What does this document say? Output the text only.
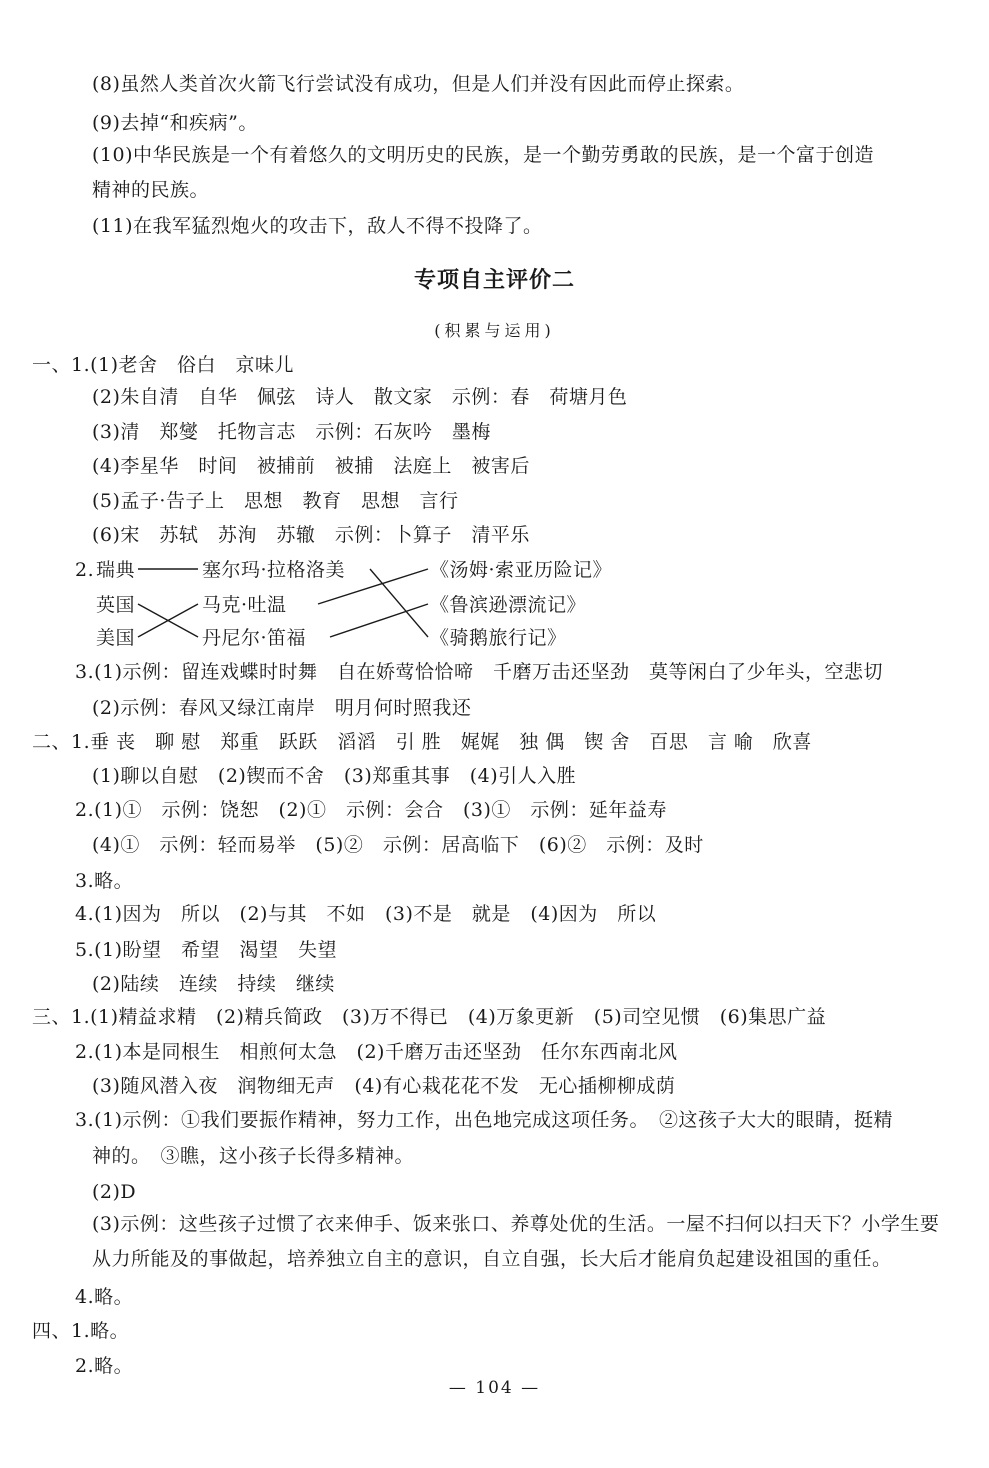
(8)虽然人类首次火箭飞行尝试没有成功，但是人们并没有因此而停止探索。
(9)去掉“和疾病”。
(10)中华民族是一个有着悠久的文明历史的民族，是一个勤劳勇敢的民族，是一个富于创造
精神的民族。
(11)在我军猛烈炮火的攻击下，敌人不得不投降了。
专项自主评价二
(积累与运用)
一、1.(1)老舍　俗白　京味儿
(2)朱自清　自华　佩弦　诗人　散文家　示例：春　荷塘月色
(3)清　郑燮　托物言志　示例：石灰吟　墨梅
(4)李星华　时间　被捕前　被捕　法庭上　被害后
(5)孟子·告子上　思想　教育　思想　言行
(6)宋　苏轼　苏洵　苏辙　示例：卜算子　清平乐
2. 瑞典
英国
美国
塞尔玛·拉格洛美
马克·吐温
丹尼尔·笛福
《汤姆·索亚历险记》
《鲁滨逊漂流记》
《骑鹅旅行记》
3.(1)示例：留连戏蝶时时舞　自在娇莺恰恰啼　千磨万击还坚劲　莫等闲白了少年头，空悲切
(2)示例：春风又绿江南岸　明月何时照我还
二、1.垂 丧　聊 慰　郑重　跃跃　滔滔　引 胜　娓娓　独 偶　锲 舍　百思　言 喻　欣喜
(1)聊以自慰　(2)锲而不舍　(3)郑重其事　(4)引人入胜
2.(1)①　示例：饶恕　(2)①　示例：会合　(3)①　示例：延年益寿
(4)①　示例：轻而易举　(5)②　示例：居高临下　(6)②　示例：及时
3.略。
4.(1)因为　所以　(2)与其　不如　(3)不是　就是　(4)因为　所以
5.(1)盼望　希望　渴望　失望
(2)陆续　连续　持续　继续
三、1.(1)精益求精　(2)精兵简政　(3)万不得已　(4)万象更新　(5)司空见惯　(6)集思广益
2.(1)本是同根生　相煎何太急　(2)千磨万击还坚劲　任尔东西南北风
(3)随风潜入夜　润物细无声　(4)有心栽花花不发　无心插柳柳成荫
3.(1)示例：①我们要振作精神，努力工作，出色地完成这项任务。　②这孩子大大的眼睛，挺精
神的。　③瞧，这小孩子长得多精神。
(2)D
(3)示例：这些孩子过惯了衣来伸手、饭来张口、养尊处优的生活。一屋不扫何以扫天下？小学生要
从力所能及的事做起，培养独立自主的意识，自立自强，长大后才能肩负起建设祖国的重任。
4.略。
四、1.略。
2.略。
— 104 —
